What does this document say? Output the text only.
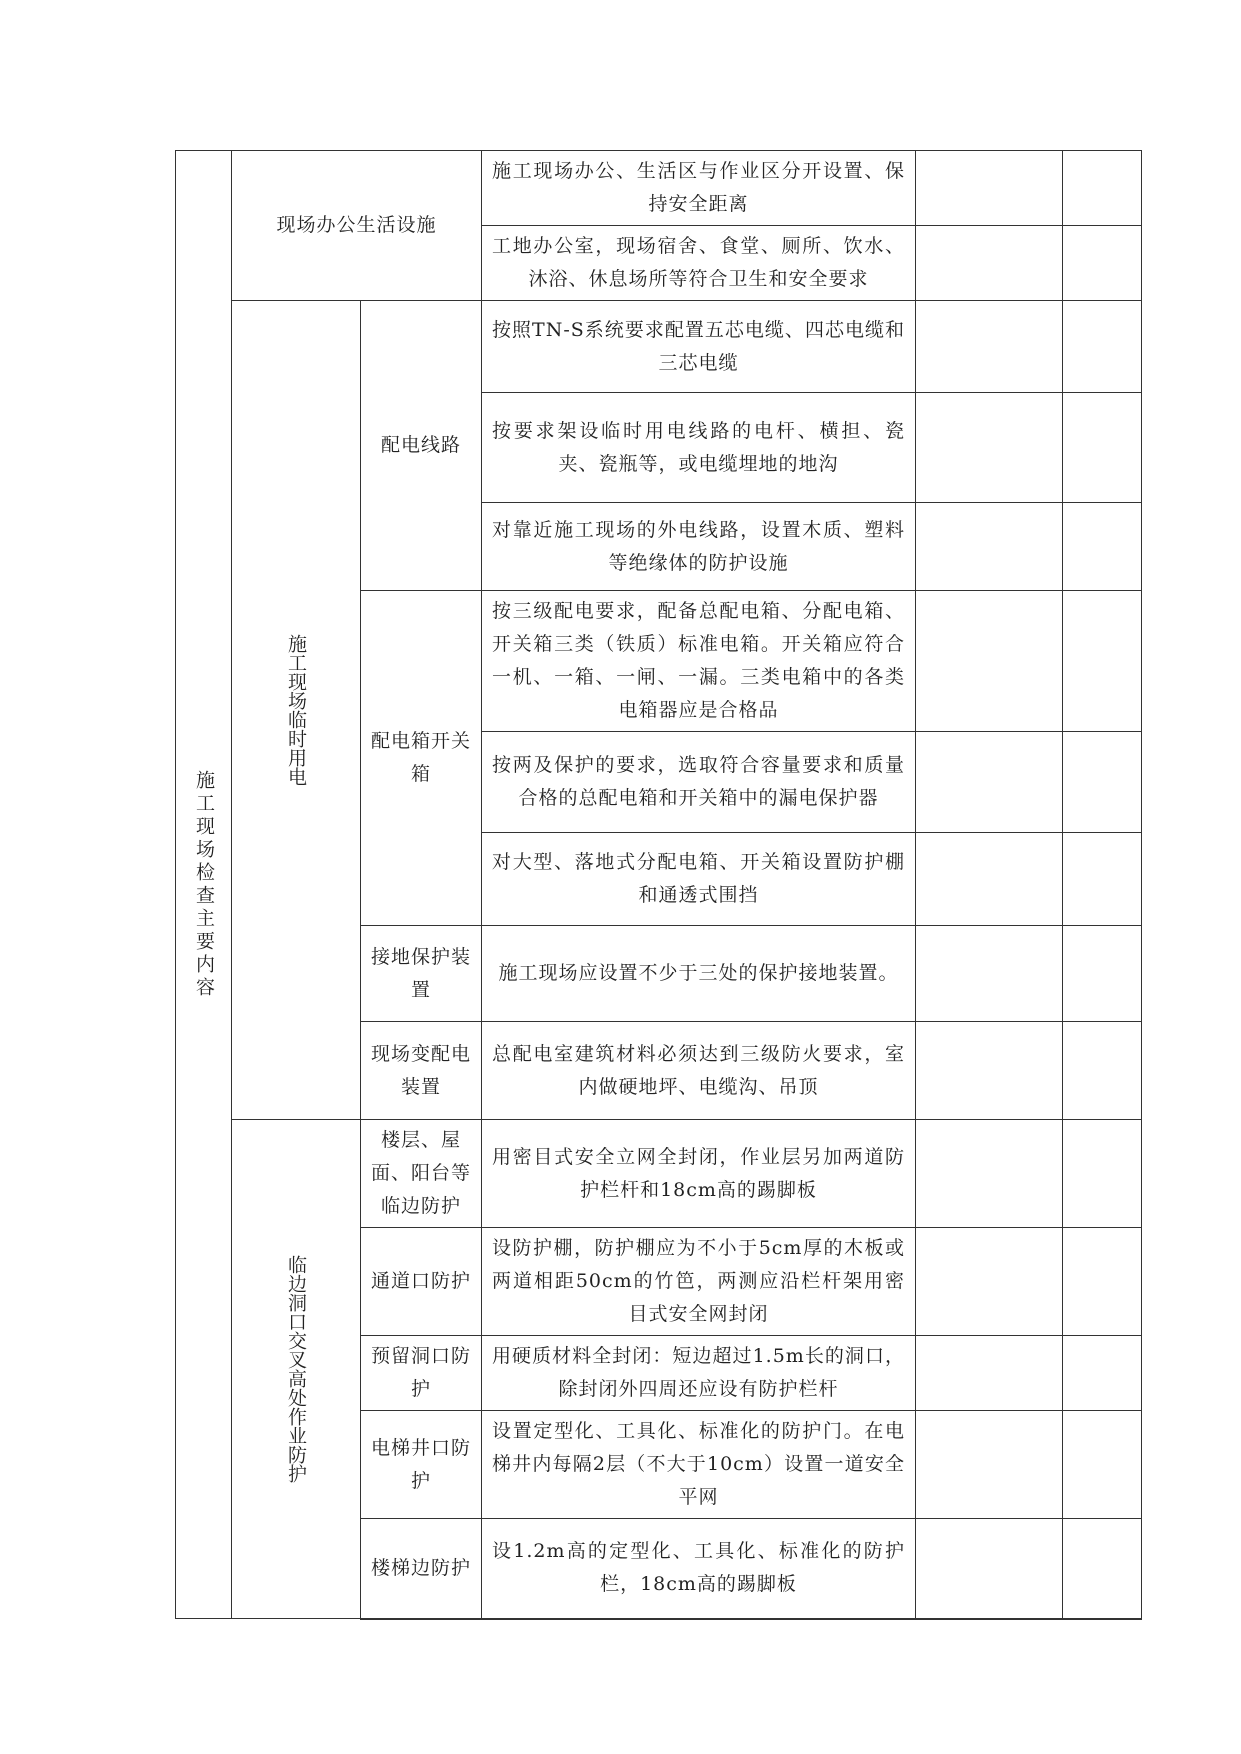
施工现场检查主要内容	现场办公生活设施		施工现场办公、生活区与作业区分开设置、保持安全距离		
			工地办公室，现场宿舍、食堂、厕所、饮水、沐浴、休息场所等符合卫生和安全要求		

	施工现场临时用电	配电线路	按照TN-S系统要求配置五芯电缆、四芯电缆和三芯电缆		
			按要求架设临时用电线路的电杆、横担、瓷夹、瓷瓶等，或电缆埋地的地沟		
			对靠近施工现场的外电线路，设置木质、塑料等绝缘体的防护设施		
		配电箱开关箱	按三级配电要求，配备总配电箱、分配电箱、开关箱三类（铁质）标准电箱。开关箱应符合一机、一箱、一闸、一漏。三类电箱中的各类电箱器应是合格品		
			按两及保护的要求，选取符合容量要求和质量合格的总配电箱和开关箱中的漏电保护器		
			对大型、落地式分配电箱、开关箱设置防护棚和通透式围挡		
		接地保护装置	施工现场应设置不少于三处的保护接地装置。		
		现场变配电装置	总配电室建筑材料必须达到三级防火要求，室内做硬地坪、电缆沟、吊顶		

	临边洞口交叉高处作业防护	楼层、屋面、阳台等临边防护	用密目式安全立网全封闭，作业层另加两道防护栏杆和18cm高的踢脚板		
		通道口防护	设防护棚，防护棚应为不小于5cm厚的木板或两道相距50cm的竹笆，两测应沿栏杆架用密目式安全网封闭		
		预留洞口防护	用硬质材料全封闭：短边超过1.5m长的洞口，除封闭外四周还应设有防护栏杆		
		电梯井口防护	设置定型化、工具化、标准化的防护门。在电梯井内每隔2层（不大于10cm）设置一道安全平网		
		楼梯边防护	设1.2m高的定型化、工具化、标准化的防护栏，18cm高的踢脚板		
